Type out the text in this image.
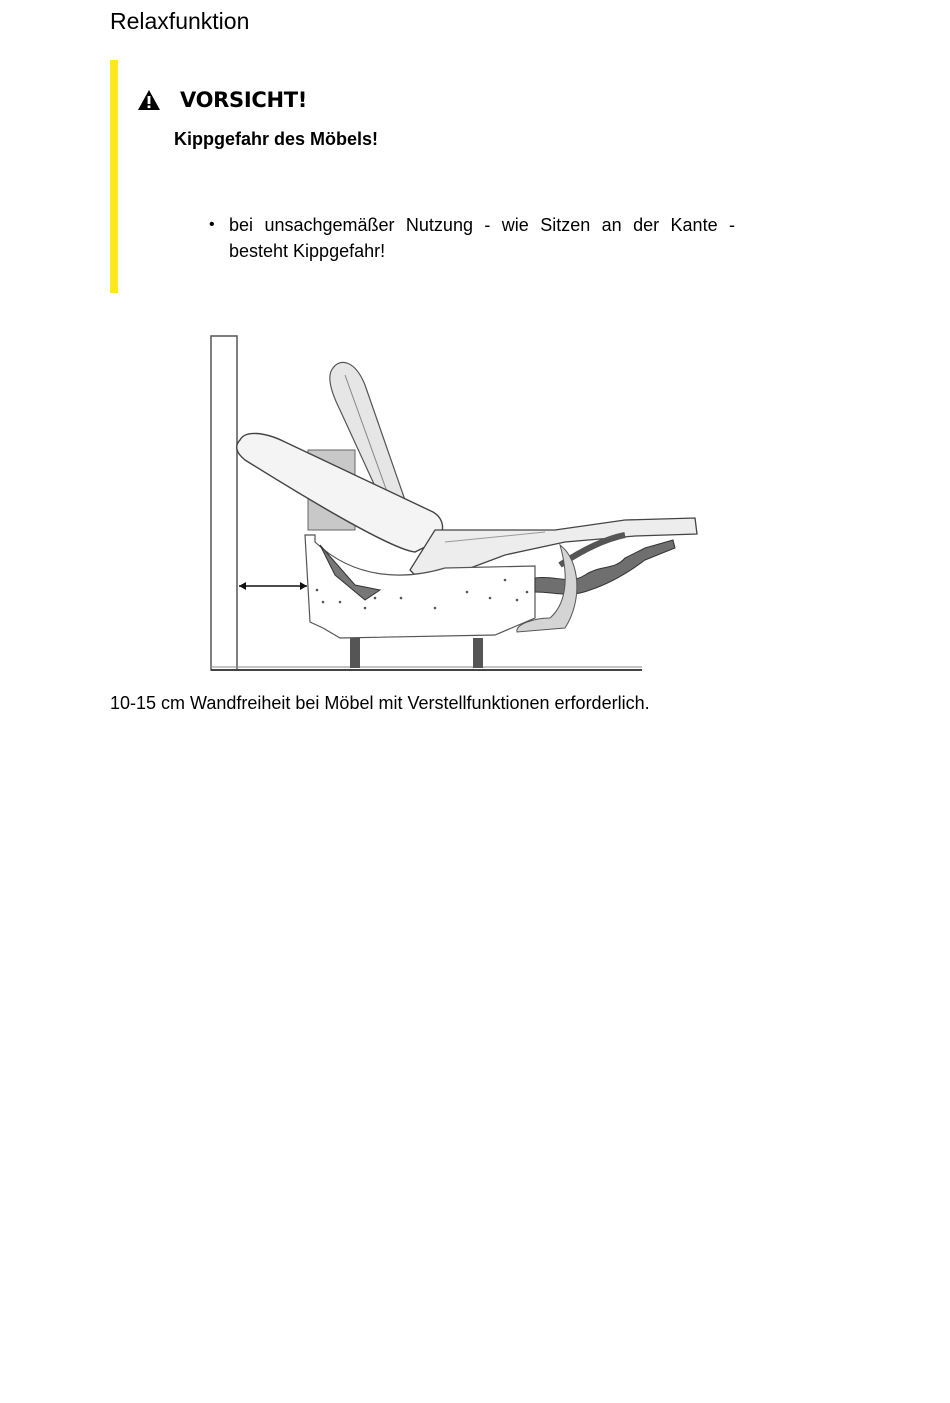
Relaxfunktion
VORSICHT!
Kippgefahr des Möbels!
• bei unsachgemäßer Nutzung - wie Sitzen an der Kante - besteht Kippgefahr!
10-15 cm Wandfreiheit bei Möbel mit Verstellfunktionen erforderlich.
